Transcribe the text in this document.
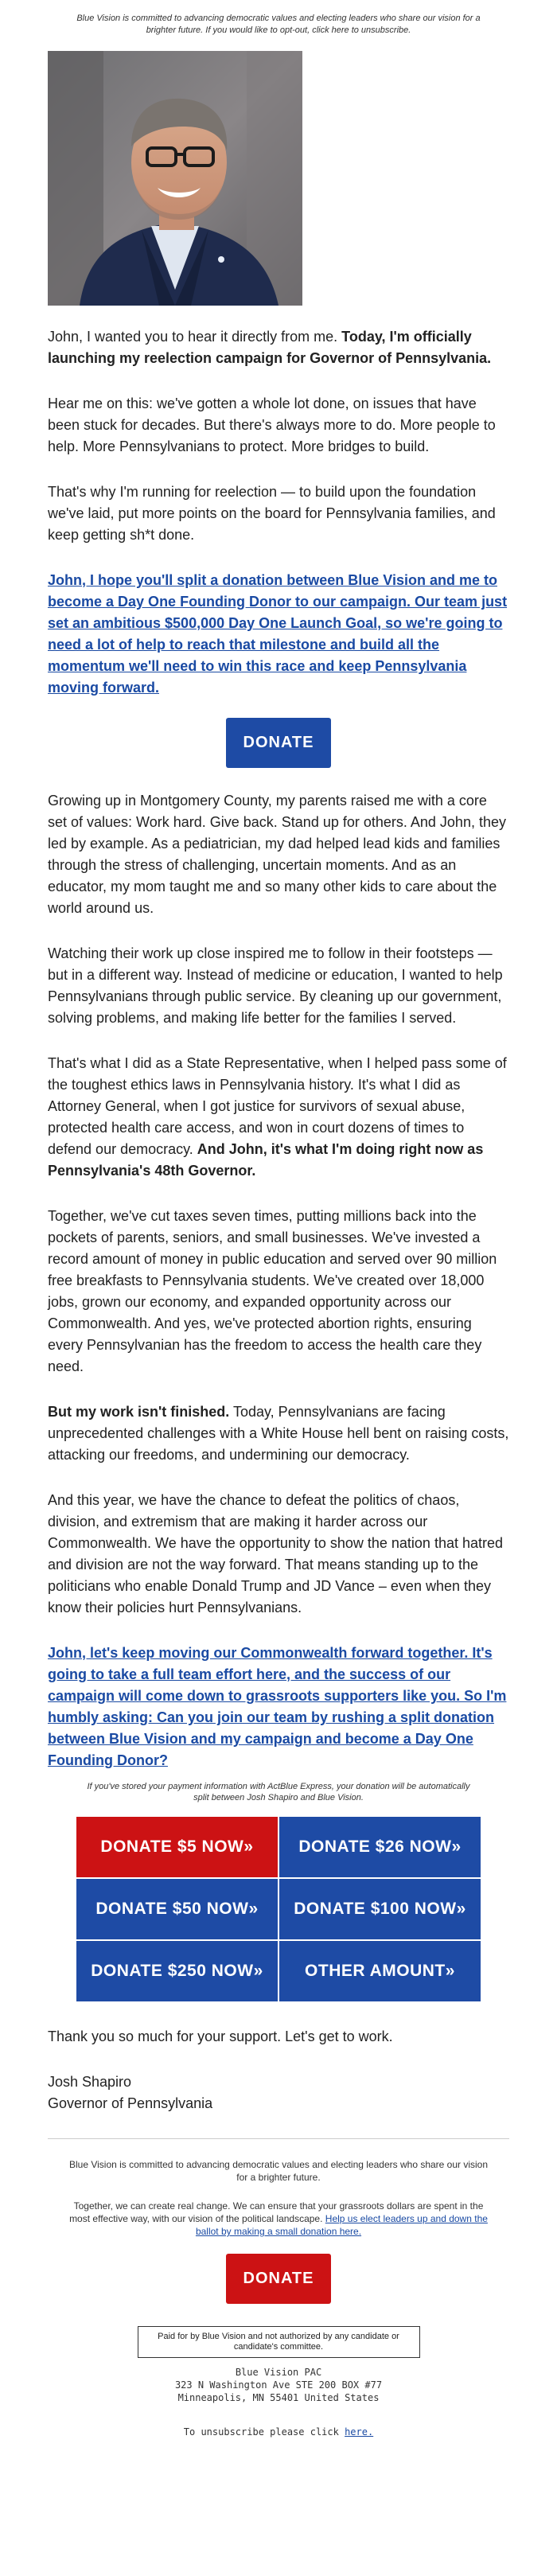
Blue Vision is committed to advancing democratic values and electing leaders who share our vision for a brighter future. If you would like to opt-out, click here to unsubscribe.

John, I wanted you to hear it directly from me. Today, I'm officially launching my reelection campaign for Governor of Pennsylvania.

Hear me on this: we've gotten a whole lot done, on issues that have been stuck for decades. But there's always more to do. More people to help. More Pennsylvanians to protect. More bridges to build.

That's why I'm running for reelection — to build upon the foundation we've laid, put more points on the board for Pennsylvania families, and keep getting sh*t done.

John, I hope you'll split a donation between Blue Vision and me to become a Day One Founding Donor to our campaign. Our team just set an ambitious $500,000 Day One Launch Goal, so we're going to need a lot of help to reach that milestone and build all the momentum we'll need to win this race and keep Pennsylvania moving forward.
DONATE

Growing up in Montgomery County, my parents raised me with a core set of values: Work hard. Give back. Stand up for others. And John, they led by example. As a pediatrician, my dad helped lead kids and families through the stress of challenging, uncertain moments. And as an educator, my mom taught me and so many other kids to care about the world around us.

Watching their work up close inspired me to follow in their footsteps — but in a different way. Instead of medicine or education, I wanted to help Pennsylvanians through public service. By cleaning up our government, solving problems, and making life better for the families I served.

That's what I did as a State Representative, when I helped pass some of the toughest ethics laws in Pennsylvania history. It's what I did as Attorney General, when I got justice for survivors of sexual abuse, protected health care access, and won in court dozens of times to defend our democracy. And John, it's what I'm doing right now as Pennsylvania's 48th Governor.

Together, we've cut taxes seven times, putting millions back into the pockets of parents, seniors, and small businesses. We've invested a record amount of money in public education and served over 90 million free breakfasts to Pennsylvania students. We've created over 18,000 jobs, grown our economy, and expanded opportunity across our Commonwealth. And yes, we've protected abortion rights, ensuring every Pennsylvanian has the freedom to access the health care they need.

But my work isn't finished. Today, Pennsylvanians are facing unprecedented challenges with a White House hell bent on raising costs, attacking our freedoms, and undermining our democracy.

And this year, we have the chance to defeat the politics of chaos, division, and extremism that are making it harder across our Commonwealth. We have the opportunity to show the nation that hatred and division are not the way forward. That means standing up to the politicians who enable Donald Trump and JD Vance – even when they know their policies hurt Pennsylvanians.

John, let's keep moving our Commonwealth forward together. It's going to take a full team effort here, and the success of our campaign will come down to grassroots supporters like you. So I'm humbly asking: Can you join our team by rushing a split donation between Blue Vision and my campaign and become a Day One Founding Donor?

If you've stored your payment information with ActBlue Express, your donation will be automatically split between Josh Shapiro and Blue Vision.

DONATE $5 NOW»	DONATE $26 NOW»
DONATE $50 NOW»	DONATE $100 NOW»
DONATE $250 NOW»	OTHER AMOUNT»

Thank you so much for your support. Let's get to work.

Josh Shapiro
Governor of Pennsylvania

Blue Vision is committed to advancing democratic values and electing leaders who share our vision for a brighter future.

Together, we can create real change. We can ensure that your grassroots dollars are spent in the most effective way, with our vision of the political landscape. Help us elect leaders up and down the ballot by making a small donation here.

DONATE
Paid for by Blue Vision and not authorized by any candidate or candidate's committee.
Blue Vision PAC
323 N Washington Ave STE 200 BOX #77
Minneapolis, MN 55401 United States
To unsubscribe please click here.
